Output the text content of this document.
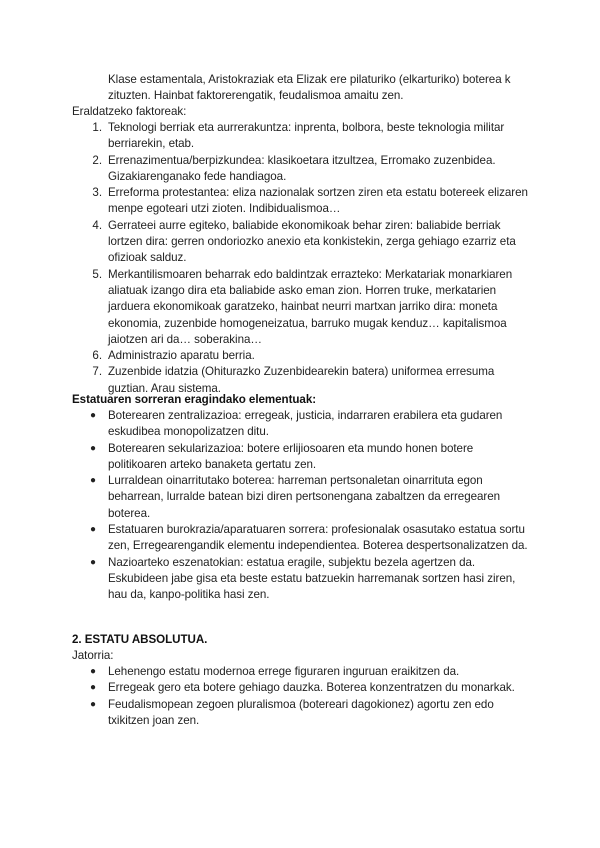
Klase estamentala, Aristokraziak eta Elizak ere pilaturiko (elkarturiko) boterea k zituzten. Hainbat faktorerengatik, feudalismoa amaitu zen.
Eraldatzeko faktoreak:
1. Teknologi berriak eta aurrerakuntza: inprenta, bolbora, beste teknologia militar berriarekin, etab.
2. Errenazimentua/berpizkundea: klasikoetara itzultzea, Erromako zuzenbidea. Gizakiarenganako fede handiagoa.
3. Erreforma protestantea: eliza nazionalak sortzen ziren eta estatu botereek elizaren menpe egoteari utzi zioten. Indibidualismoa…
4. Gerrateei aurre egiteko, baliabide ekonomikoak behar ziren: baliabide berriak lortzen dira: gerren ondoriozko anexio eta konkistekin, zerga gehiago ezarriz eta ofizioak salduz.
5. Merkantilismoaren beharrak edo baldintzak errazteko: Merkatariak monarkiaren aliatuak izango dira eta baliabide asko eman zion. Horren truke, merkatarien jarduera ekonomikoak garatzeko, hainbat neurri martxan jarriko dira: moneta ekonomia, zuzenbide homogeneizatua, barruko mugak kenduz… kapitalismoa jaiotzen ari da… soberakina…
6. Administrazio aparatu berria.
7. Zuzenbide idatzia (Ohiturazko Zuzenbidearekin batera) uniformea erresuma guztian. Arau sistema.
Estatuaren sorreran eragindako elementuak:
● Boterearen zentralizazioa: erregeak, justicia, indarraren erabilera eta gudaren eskudibea monopolizatzen ditu.
● Boterearen sekularizazioa: botere erlijiosoaren eta mundo honen botere politikoaren arteko banaketa gertatu zen.
● Lurraldean oinarritutako boterea: harreman pertsonaletan oinarrituta egon beharrean, lurralde batean bizi diren pertsonengana zabaltzen da erregearen boterea.
● Estatuaren burokrazia/aparatuaren sorrera: profesionalak osasutako estatua sortu zen, Erregearengandik elementu independientea. Boterea despertsonalizatzen da.
● Nazioarteko eszenatokian: estatua eragile, subjektu bezela agertzen da. Eskubideen jabe gisa eta beste estatu batzuekin harremanak sortzen hasi ziren, hau da, kanpo-politika hasi zen.
2. ESTATU ABSOLUTUA.
Jatorria:
● Lehenengo estatu modernoa errege figuraren inguruan eraikitzen da.
● Erregeak gero eta botere gehiago dauzka. Boterea konzentratzen du monarkak.
● Feudalismopean zegoen pluralismoa (botereari dagokionez) agortu zen edo txikitzen joan zen.
